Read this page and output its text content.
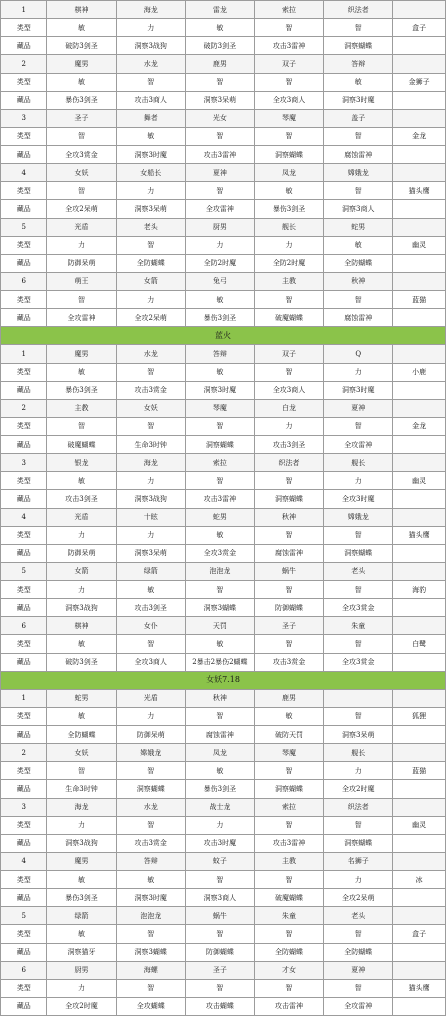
1	棋神	海龙	雷龙	索拉	织法者	
类型	敏	力	敏	智	智	盒子
藏品	破防3剑圣	洞察3战狗	破防3剑圣	攻击3雷神	洞察蝴蝶	
2	魔男	水龙	鹿男	双子	答辩	
类型	敏	智	智	智	敏	金狮子
藏品	暴伤3剑圣	攻击3商人	洞察3呆萌	全攻3商人	洞察3时魔	
3	圣子	舞者	光女	琴魔	盖子	
类型	智	敏	智	智	智	金龙
藏品	全攻3赏金	洞察3时魔	攻击3雷神	洞察蝴蝶	腐蚀雷神	
4	女妖	女船长	夏神	凤龙	嫦娥龙	
类型	智	力	智	敏	智	猫头鹰
藏品	全攻2呆萌	洞察3呆萌	全攻雷神	暴伤3剑圣	洞察3商人	
5	光盾	老头	厨男	舰长	蛇男	
类型	力	智	力	力	敏	幽灵
藏品	防御呆萌	全防蝴蝶	全防2时魔	全防2时魔	全防蝴蝶	
6	萌王	女箭	兔弓	主教	秋神	
类型	智	力	敏	智	智	蓝猫
藏品	全攻雷神	全攻2呆萌	暴伤3剑圣	破魔蝴蝶	腐蚀雷神	
蓝火						
1	魔男	水龙	答辩	双子	Q	
类型	敏	智	敏	智	力	小鹿
藏品	暴伤3剑圣	攻击3赏金	洞察3时魔	全攻3商人	洞察3时魔	
2	主教	女妖	琴魔	白龙	夏神	
类型	智	智	智	力	智	金龙
藏品	破魔蝴蝶	生命3时钟	洞察蝴蝶	攻击3剑圣	全攻雷神	
3	银龙	海龙	索拉	织法者	舰长	
类型	敏	力	智	智	力	幽灵
藏品	攻击3剑圣	洞察3战狗	攻击3雷神	洞察蝴蝶	全攻3时魔	
4	光盾	十眩	蛇男	秋神	嫦娥龙	
类型	力	力	敏	智	智	猫头鹰
藏品	防御呆萌	洞察3呆萌	全攻3赏金	腐蚀雷神	洞察蝴蝶	
5	女箭	绿箭	泡泡龙	蜗牛	老头	
类型	力	敏	智	智	智	海豹
藏品	洞察3战狗	攻击3剑圣	洞察3蝴蝶	防御蝴蝶	全攻3赏金	
6	棋神	女仆	天罚	圣子	朱童	
类型	敏	智	敏	智	智	白鹭
藏品	破防3剑圣	全攻3商人	2暴击2暴伤2蝴蝶	攻击3赏金	全攻3赏金	
女妖7.18						
1	蛇男	光盾	秋神	鹿男		
类型	敏	力	智	敏	智	狐狸
藏品	全防蝴蝶	防御呆萌	腐蚀雷神	破防天罚	洞察3呆萌	
2	女妖	嫦娥龙	凤龙	琴魔	舰长	
类型	智	智	敏	智	力	蓝猫
藏品	生命3时钟	洞察蝴蝶	暴伤3剑圣	洞察蝴蝶	全攻2时魔	
3	海龙	水龙	战士龙	索拉	织法者	
类型	力	智	力	智	智	幽灵
藏品	洞察3战狗	攻击3赏金	攻击3时魔	攻击3雷神	洞察蝴蝶	
4	魔男	答辩	蚊子	主教	名狮子	
类型	敏	敏	智	智	力	冰
藏品	暴伤3剑圣	洞察3时魔	洞察3商人	破魔蝴蝶	全攻2呆萌	
5	绿箭	泡泡龙	蜗牛	朱童	老头	
类型	敏	智	智	智	智	盒子
藏品	洞察猫牙	洞察3蝴蝶	防御蝴蝶	全防蝴蝶	全防蝴蝶	
6	厨男	海螺	圣子	才女	夏神	
类型	力	智	智	智	智	猫头鹰
藏品	全攻2时魔	全攻蝴蝶	攻击蝴蝶	攻击雷神	全攻雷神	
